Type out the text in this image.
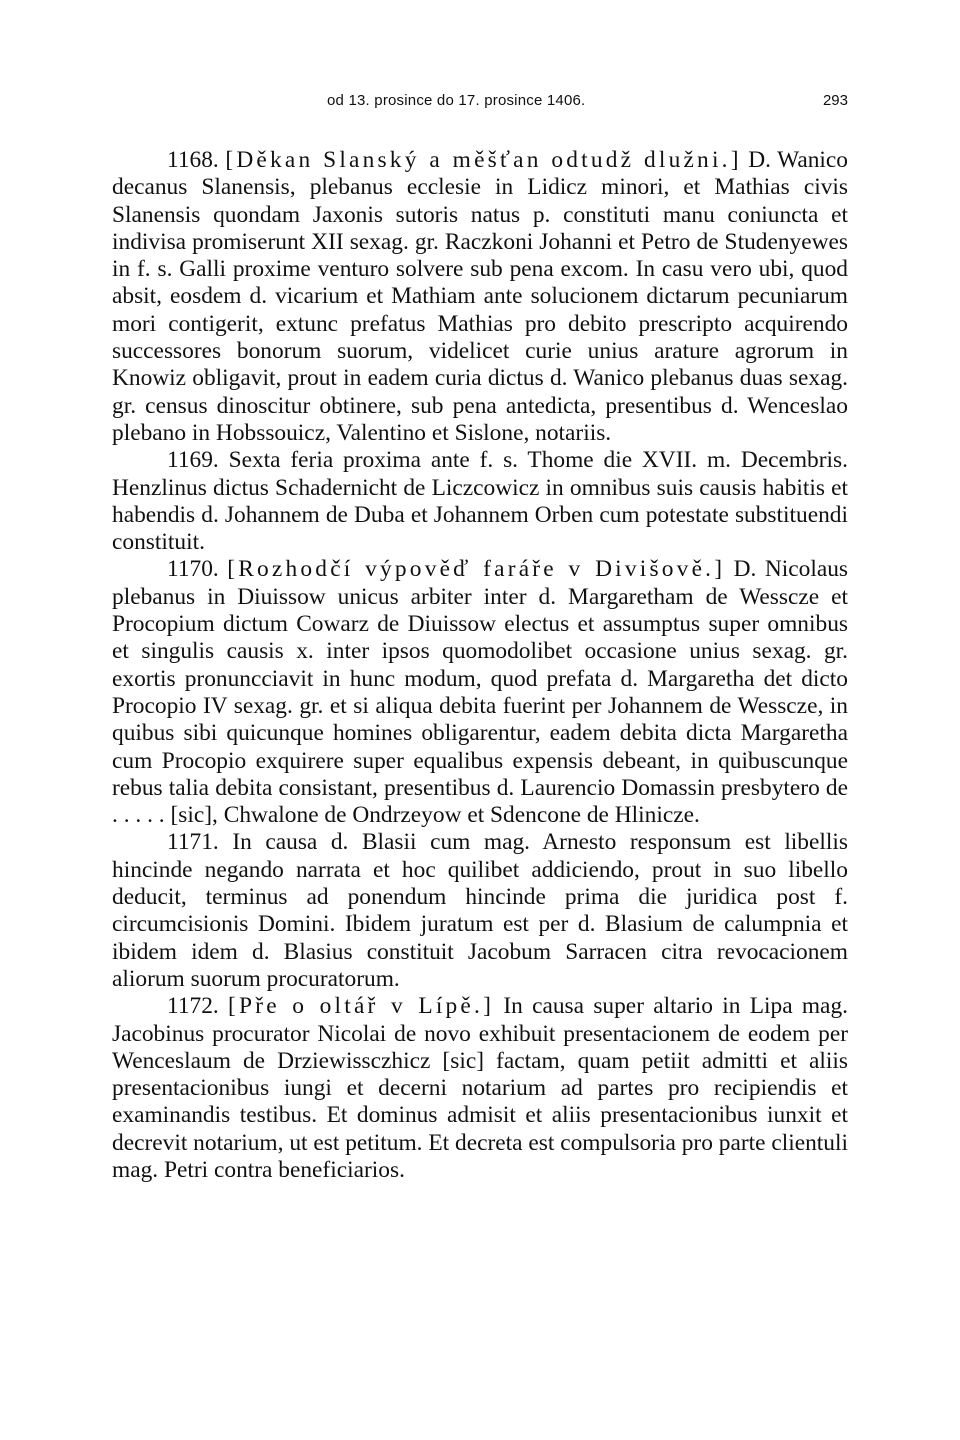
od 13. prosince do 17. prosince 1406.	293

1168. [Děkan Slanský a měšťan odtudž dlužni.] D. Wanico decanus Slanensis, plebanus ecclesie in Lidicz minori, et Mathias civis Slanensis quondam Jaxonis sutoris natus p. constituti manu coniuncta et indivisa promiserunt XII sexag. gr. Raczkoni Johanni et Petro de Studenyewes in f. s. Galli proxime venturo solvere sub pena excom. In casu vero ubi, quod absit, eosdem d. vicarium et Mathiam ante solucionem dictarum pecuniarum mori contigerit, extunc prefatus Mathias pro debito prescripto acquirendo successores bonorum suorum, videlicet curie unius arature agrorum in Knowiz obligavit, prout in eadem curia dictus d. Wanico plebanus duas sexag. gr. census dinoscitur obtinere, sub pena antedicta, presentibus d. Wenceslao plebano in Hobssouicz, Valentino et Sislone, notariis.

1169. Sexta feria proxima ante f. s. Thome die XVII. m. Decembris. Henzlinus dictus Schadernicht de Liczcowicz in omnibus suis causis habitis et habendis d. Johannem de Duba et Johannem Orben cum potestate substituendi constituit.

1170. [Rozhodčí výpověď faráře v Divišově.] D. Nicolaus plebanus in Diuissow unicus arbiter inter d. Margaretham de Wessсze et Procopium dictum Cowarz de Diuissow electus et assumptus super omnibus et singulis causis x. inter ipsos quomodolibet occasione unius sexag. gr. exortis pronuncciavit in hunc modum, quod prefata d. Margaretha det dicto Procopio IV sexag. gr. et si aliqua debita fuerint per Johannem de Wessсze, in quibus sibi quicunque homines obligarentur, eadem debita dicta Margaretha cum Procopio exquirere super equalibus expensis debeant, in quibuscunque rebus talia debita consistant, presentibus d. Laurencio Domassin presbytero de . . . . . [sic], Chwalone de Ondrzeyow et Sdencone de Hlinicze.

1171. In causa d. Blasii cum mag. Arnesto responsum est libellis hincinde negando narrata et hoc quilibet addiciendo, prout in suo libello deducit, terminus ad ponendum hincinde prima die juridica post f. circumcisionis Domini. Ibidem juratum est per d. Blasium de calumpnia et ibidem idem d. Blasius constituit Jacobum Sarracen citra revocacionem aliorum suorum procuratorum.

1172. [Pře o oltář v Lípě.] In causa super altario in Lipa mag. Jacobinus procurator Nicolai de novo exhibuit presentacionem de eodem per Wenceslaum de Drziewissczhicz [sic] factam, quam petiit admitti et aliis presentacionibus iungi et decerni notarium ad partes pro recipiendis et examinandis testibus. Et dominus admisit et aliis presentacionibus iunxit et decrevit notarium, ut est petitum. Et decreta est compulsoria pro parte clientuli mag. Petri contra beneficiarios.
